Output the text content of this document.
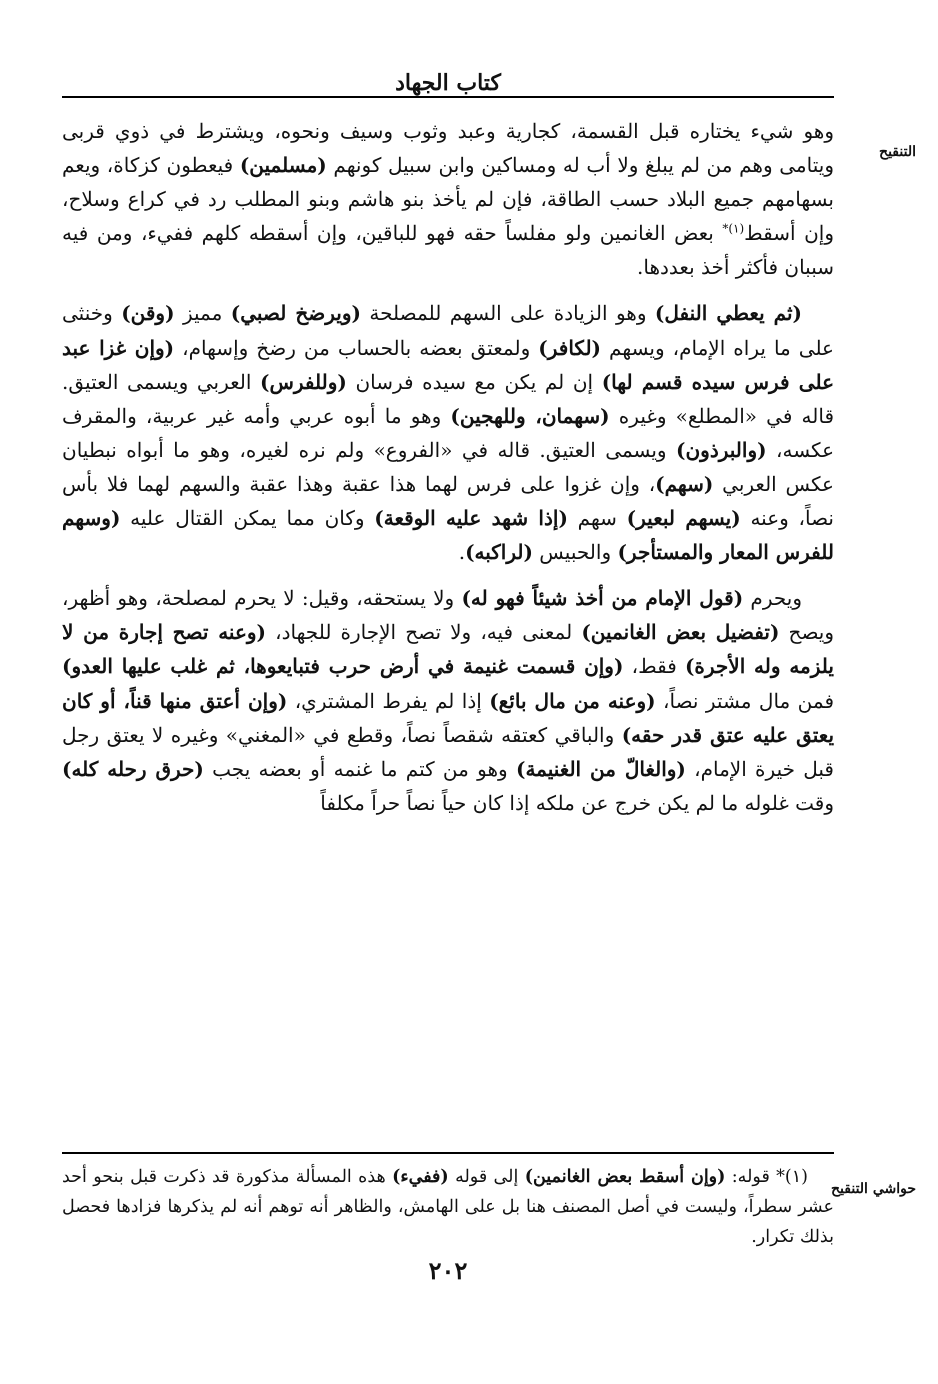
كتاب الجهاد
التنقيح
حواشي التنقيح

وهو شيء يختاره قبل القسمة، كجارية وعبد وثوب وسيف ونحوه، ويشترط في ذوي قربى ويتامى وهم من لم يبلغ ولا أب له ومساكين وابن سبيل كونهم (مسلمين) فيعطون كزكاة، ويعم بسهامهم جميع البلاد حسب الطاقة، فإن لم يأخذ بنو هاشم وبنو المطلب رد في كراع وسلاح، وإن أسقط$^{(١)*}$ بعض الغانمين ولو مفلساً حقه فهو للباقين، وإن أسقطه كلهم ففيء، ومن فيه سببان فأكثر أخذ بعددها.

(ثم يعطي النفل) وهو الزيادة على السهم للمصلحة (ويرضخ لصبي) مميز (وقن) وخنثى على ما يراه الإمام، ويسهم (لكافر) ولمعتق بعضه بالحساب من رضخ وإسهام، (وإن غزا عبد على فرس سيده قسم لها) إن لم يكن مع سيده فرسان (وللفرس) العربي ويسمى العتيق. قاله في «المطلع» وغيره (سهمان، وللهجين) وهو ما أبوه عربي وأمه غير عربية، والمقرف عكسه، (والبرذون) ويسمى العتيق. قاله في «الفروع» ولم نره لغيره، وهو ما أبواه نبطيان عكس العربي (سهم)، وإن غزوا على فرس لهما هذا عقبة وهذا عقبة والسهم لهما فلا بأس نصاً، وعنه (يسهم لبعير) سهم (إذا شهد عليه الوقعة) وكان مما يمكن القتال عليه (وسهم للفرس المعار والمستأجر) والحبيس (لراكبه).

ويحرم (قول الإمام من أخذ شيئاً فهو له) ولا يستحقه، وقيل: لا يحرم لمصلحة، وهو أظهر، ويصح (تفضيل بعض الغانمين) لمعنى فيه، ولا تصح الإجارة للجهاد، (وعنه تصح إجارة من لا يلزمه وله الأجرة) فقط، (وإن قسمت غنيمة في أرض حرب فتبايعوها، ثم غلب عليها العدو) فمن مال مشتر نصاً، (وعنه من مال بائع) إذا لم يفرط المشتري، (وإن أعتق منها قناً، أو كان يعتق عليه عتق قدر حقه) والباقي كعتقه شقصاً نصاً، وقطع في «المغني» وغيره لا يعتق رجل قبل خيرة الإمام، (والغالّ من الغنيمة) وهو من كتم ما غنمه أو بعضه يجب (حرق رحله كله) وقت غلوله ما لم يكن خرج عن ملكه إذا كان حياً نصاً حراً مكلفاً

(١)* قوله: (وإن أسقط بعض الغانمين) إلى قوله (ففيء) هذه المسألة مذكورة قد ذكرت قبل بنحو أحد عشر سطراً، وليست في أصل المصنف هنا بل على الهامش، والظاهر أنه توهم أنه لم يذكرها فزادها فحصل بذلك تكرار.

٢٠٢
